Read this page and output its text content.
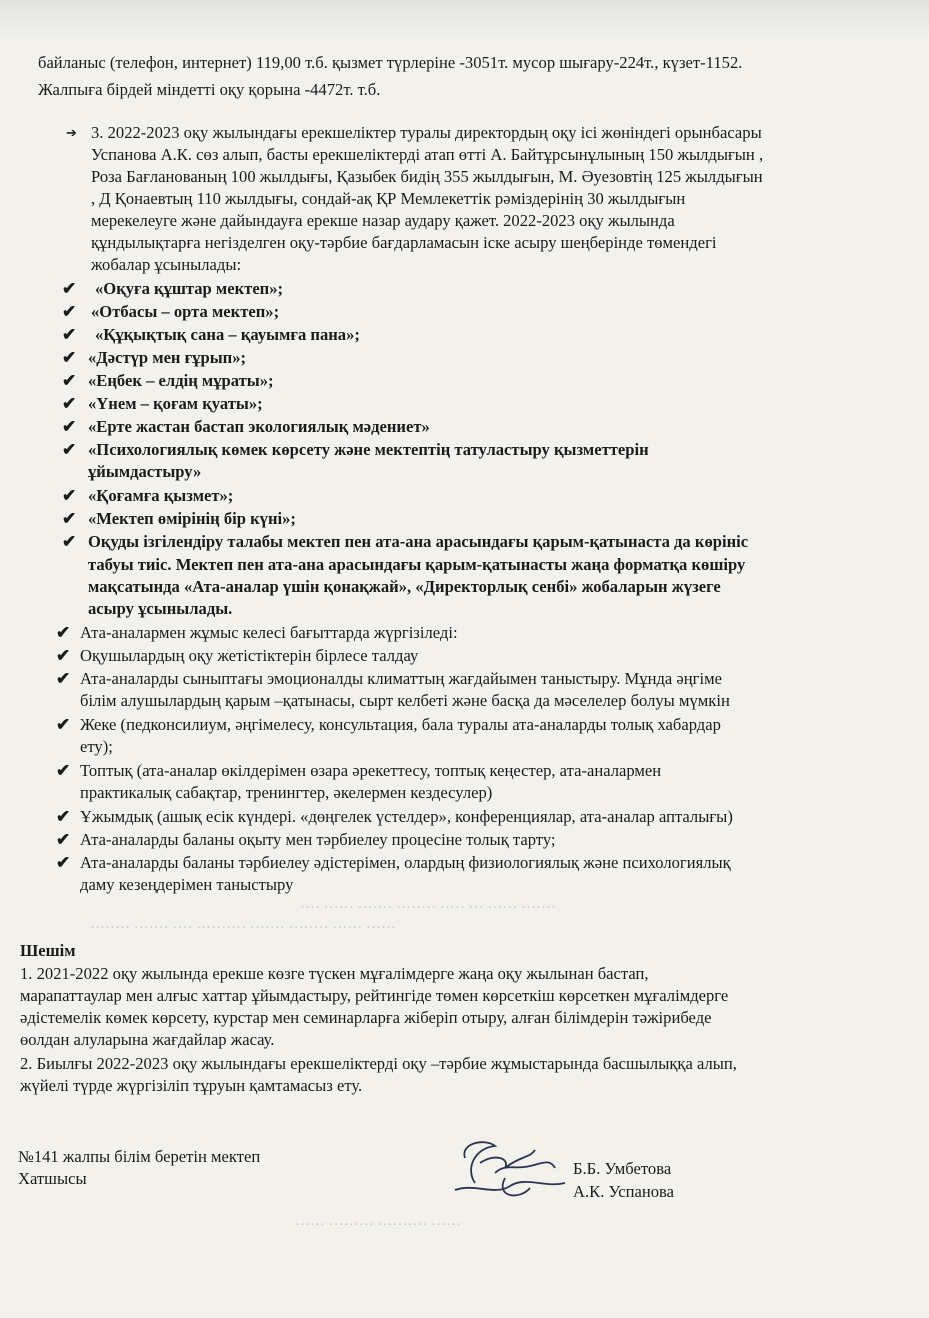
байланыс (телефон, интернет) 119,00 т.б. қызмет түрлеріне -3051т. мусор шығару-224т., күзет-1152.
Жалпыға бірдей міндетті оқу қорына -4472т. т.б.
➔ 3. 2022-2023 оқу жылындағы ерекшеліктер туралы директордың оқу ісі жөніндегі орынбасары
Успанова А.К. сөз алып, басты ерекшеліктерді атап өтті А. Байтұрсынұлының 150 жылдығын ,
Роза Бағланованың 100 жылдығы, Қазыбек бидің 355 жылдығын, М. Әуезовтің 125 жылдығын
, Д Қонаевтың 110 жылдығы, сондай-ақ ҚР Мемлекеттік рәміздерінің 30 жылдығын
мерекелеуге және дайындауға ерекше назар аудару қажет. 2022-2023 оқу жылында
құндылықтарға негізделген оқу-тәрбие бағдарламасын іске асыру шеңберінде төмендегі
жобалар ұсынылады:
✔ «Оқуға құштар мектеп»;
✔ «Отбасы – орта мектеп»;
✔ «Құқықтық сана – қауымға пана»;
✔ «Дәстүр мен ғұрып»;
✔ «Еңбек – елдің мұраты»;
✔ «Үнем – қоғам қуаты»;
✔ «Ерте жастан бастап экологиялық мәдениет»
✔ «Психологиялық көмек көрсету және мектептің татуластыру қызметтерін
ұйымдастыру»
✔ «Қоғамға қызмет»;
✔ «Мектеп өмірінің бір күні»;
✔ Оқуды ізгілендіру талабы мектеп пен ата-ана арасындағы қарым-қатынаста да көрініс
табуы тиіс. Мектеп пен ата-ана арасындағы қарым-қатынасты жаңа форматқа көшіру
мақсатында «Ата-аналар үшін қонақжай», «Директорлық сенбі» жобаларын жүзеге
асыру ұсынылады.
✔ Ата-аналармен жұмыс келесі бағыттарда жүргізіледі:
✔ Оқушылардың оқу жетістіктерін бірлесе талдау
✔ Ата-аналарды сыныптағы эмоционалды климаттың жағдайымен таныстыру. Мұнда әңгіме
білім алушылардың қарым –қатынасы, сырт келбеті және басқа да мәселелер болуы мүмкін
✔ Жеке (педконсилиум, әңгімелесу, консультация, бала туралы ата-аналарды толық хабардар
ету);
✔ Топтық (ата-аналар өкілдерімен өзара әрекеттесу, топтық кеңестер, ата-аналармен
практикалық сабақтар, тренингтер, әкелермен кездесулер)
✔ Ұжымдық (ашық есік күндері. «дөңгелек үстелдер», конференциялар, ата-аналар апталығы)
✔ Ата-аналарды баланы оқыту мен тәрбиелеу процесіне толық тарту;
✔ Ата-аналарды баланы тәрбиелеу әдістерімен, олардың физиологиялық және психологиялық
даму кезеңдерімен таныстыру
···· ······ ······· ········ ····· ··· ······ ·······
········ ······· ···· ·········· ······· ········ ······ ······
Шешім
1. 2021-2022 оқу жылында ерекше көзге түскен мұғалімдерге жаңа оқу жылынан бастап,
марапаттаулар мен алғыс хаттар ұйымдастыру, рейтингіде төмен көрсеткіш көрсеткен мұғалімдерге
әдістемелік көмек көрсету, курстар мен семинарларға жіберіп отыру, алған білімдерін тәжірибеде
өолдан алуларына жағдайлар жасау.
2. Биылғы 2022-2023 оқу жылындағы ерекшеліктерді оқу –тәрбие жұмыстарында басшылыққа алып,
жүйелі түрде жүргізіліп тұруын қамтамасыз ету.
№141 жалпы білім беретін мектеп
Хатшысы
Б.Б. Умбетова
А.К. Успанова
······ ········· ·········· ······
